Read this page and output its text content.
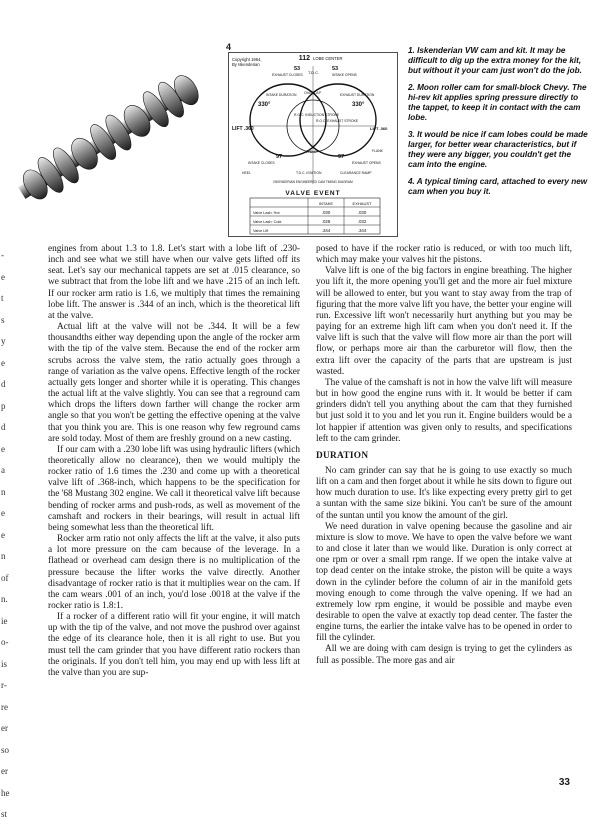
-
e
t
s
y
e
d
p
d
e
a
n
e
e
n
of
n.
ie
o-
is
r-
re
er
so
er
he
st
4
Copyright 1964,
By Iskenderian
112 LOBE CENTER
53	53
T.D.C.
EXHAUST CLOSES	INTAKE OPENS
INTAKE DURATION	EXHAUST DURATION
OVERLAP
330°	330°
R.O.C. INDUCTION STROKE
R.O.C. EXHAUST STROKE
LIFT .360	LIFT .360
B.D.C.
97	97
INTAKE CLOSES	EXHAUST OPENS
HEEL	T.D.C. IGNITION	CLEARANCE RAMP
FLANK
ISKENDERIAN ENGINEERED CAM TIMING DIAGRAM
VALVE EVENT
INTAKE	EXHAUST
Valve Lash: Hot	.030	.030
Valve Lash: Cold	.028	.032
Valve Lift	.344	.344

1. Iskenderian VW cam and kit. It may be difficult to dig up the extra money for the kit, but without it your cam just won't do the job.

2. Moon roller cam for small-block Chevy. The hi-rev kit applies spring pressure directly to the tappet, to keep it in contact with the cam lobe.

3. It would be nice if cam lobes could be made larger, for better wear characteristics, but if they were any bigger, you couldn't get the cam into the engine.

4. A typical timing card, attached to every new cam when you buy it.

engines from about 1.3 to 1.8. Let's start with a lobe lift of .230-inch and see what we still have when our valve gets lifted off its seat. Let's say our mechanical tappets are set at .015 clearance, so we subtract that from the lobe lift and we have .215 of an inch left. If our rocker arm ratio is 1.6, we multiply that times the remaining lobe lift. The answer is .344 of an inch, which is the theoretical lift at the valve.

Actual lift at the valve will not be .344. It will be a few thousandths either way depending upon the angle of the rocker arm with the tip of the valve stem. Because the end of the rocker arm scrubs across the valve stem, the ratio actually goes through a range of variation as the valve opens. Effective length of the rocker actually gets longer and shorter while it is operating. This changes the actual lift at the valve slightly. You can see that a reground cam which drops the lifters down farther will change the rocker arm angle so that you won't be getting the effective opening at the valve that you think you are. This is one reason why few reground cams are sold today. Most of them are freshly ground on a new casting.

If our cam with a .230 lobe lift was using hydraulic lifters (which theoretically allow no clearance), then we would multiply the rocker ratio of 1.6 times the .230 and come up with a theoretical valve lift of .368-inch, which happens to be the specification for the '68 Mustang 302 engine. We call it theoretical valve lift because bending of rocker arms and push-rods, as well as movement of the camshaft and rockers in their bearings, will result in actual lift being somewhat less than the theoretical lift.

Rocker arm ratio not only affects the lift at the valve, it also puts a lot more pressure on the cam because of the leverage. In a flathead or overhead cam design there is no multiplication of the pressure because the lifter works the valve directly. Another disadvantage of rocker ratio is that it multiplies wear on the cam. If the cam wears .001 of an inch, you'd lose .0018 at the valve if the rocker ratio is 1.8:1.

If a rocker of a different ratio will fit your engine, it will match up with the tip of the valve, and not move the pushrod over against the edge of its clearance hole, then it is all right to use. But you must tell the cam grinder that you have different ratio rockers than the originals. If you don't tell him, you may end up with less lift at the valve than you are sup-

posed to have if the rocker ratio is reduced, or with too much lift, which may make your valves hit the pistons.

Valve lift is one of the big factors in engine breathing. The higher you lift it, the more opening you'll get and the more air fuel mixture will be allowed to enter, but you want to stay away from the trap of figuring that the more valve lift you have, the better your engine will run. Excessive lift won't necessarily hurt anything but you may be paying for an extreme high lift cam when you don't need it. If the valve lift is such that the valve will flow more air than the port will flow, or perhaps more air than the carburetor will flow, then the extra lift over the capacity of the parts that are upstream is just wasted.

The value of the camshaft is not in how the valve lift will measure but in how good the engine runs with it. It would be better if cam grinders didn't tell you anything about the cam that they furnished but just sold it to you and let you run it. Engine builders would be a lot happier if attention was given only to results, and specifications left to the cam grinder.

DURATION

No cam grinder can say that he is going to use exactly so much lift on a cam and then forget about it while he sits down to figure out how much duration to use. It's like expecting every pretty girl to get a suntan with the same size bikini. You can't be sure of the amount of the suntan until you know the amount of the girl.

We need duration in valve opening because the gasoline and air mixture is slow to move. We have to open the valve before we want to and close it later than we would like. Duration is only correct at one rpm or over a small rpm range. If we open the intake valve at top dead center on the intake stroke, the piston will be quite a ways down in the cylinder before the column of air in the manifold gets moving enough to come through the valve opening. If we had an extremely low rpm engine, it would be possible and maybe even desirable to open the valve at exactly top dead center. The faster the engine turns, the earlier the intake valve has to be opened in order to fill the cylinder.

All we are doing with cam design is trying to get the cylinders as full as possible. The more gas and air

33
